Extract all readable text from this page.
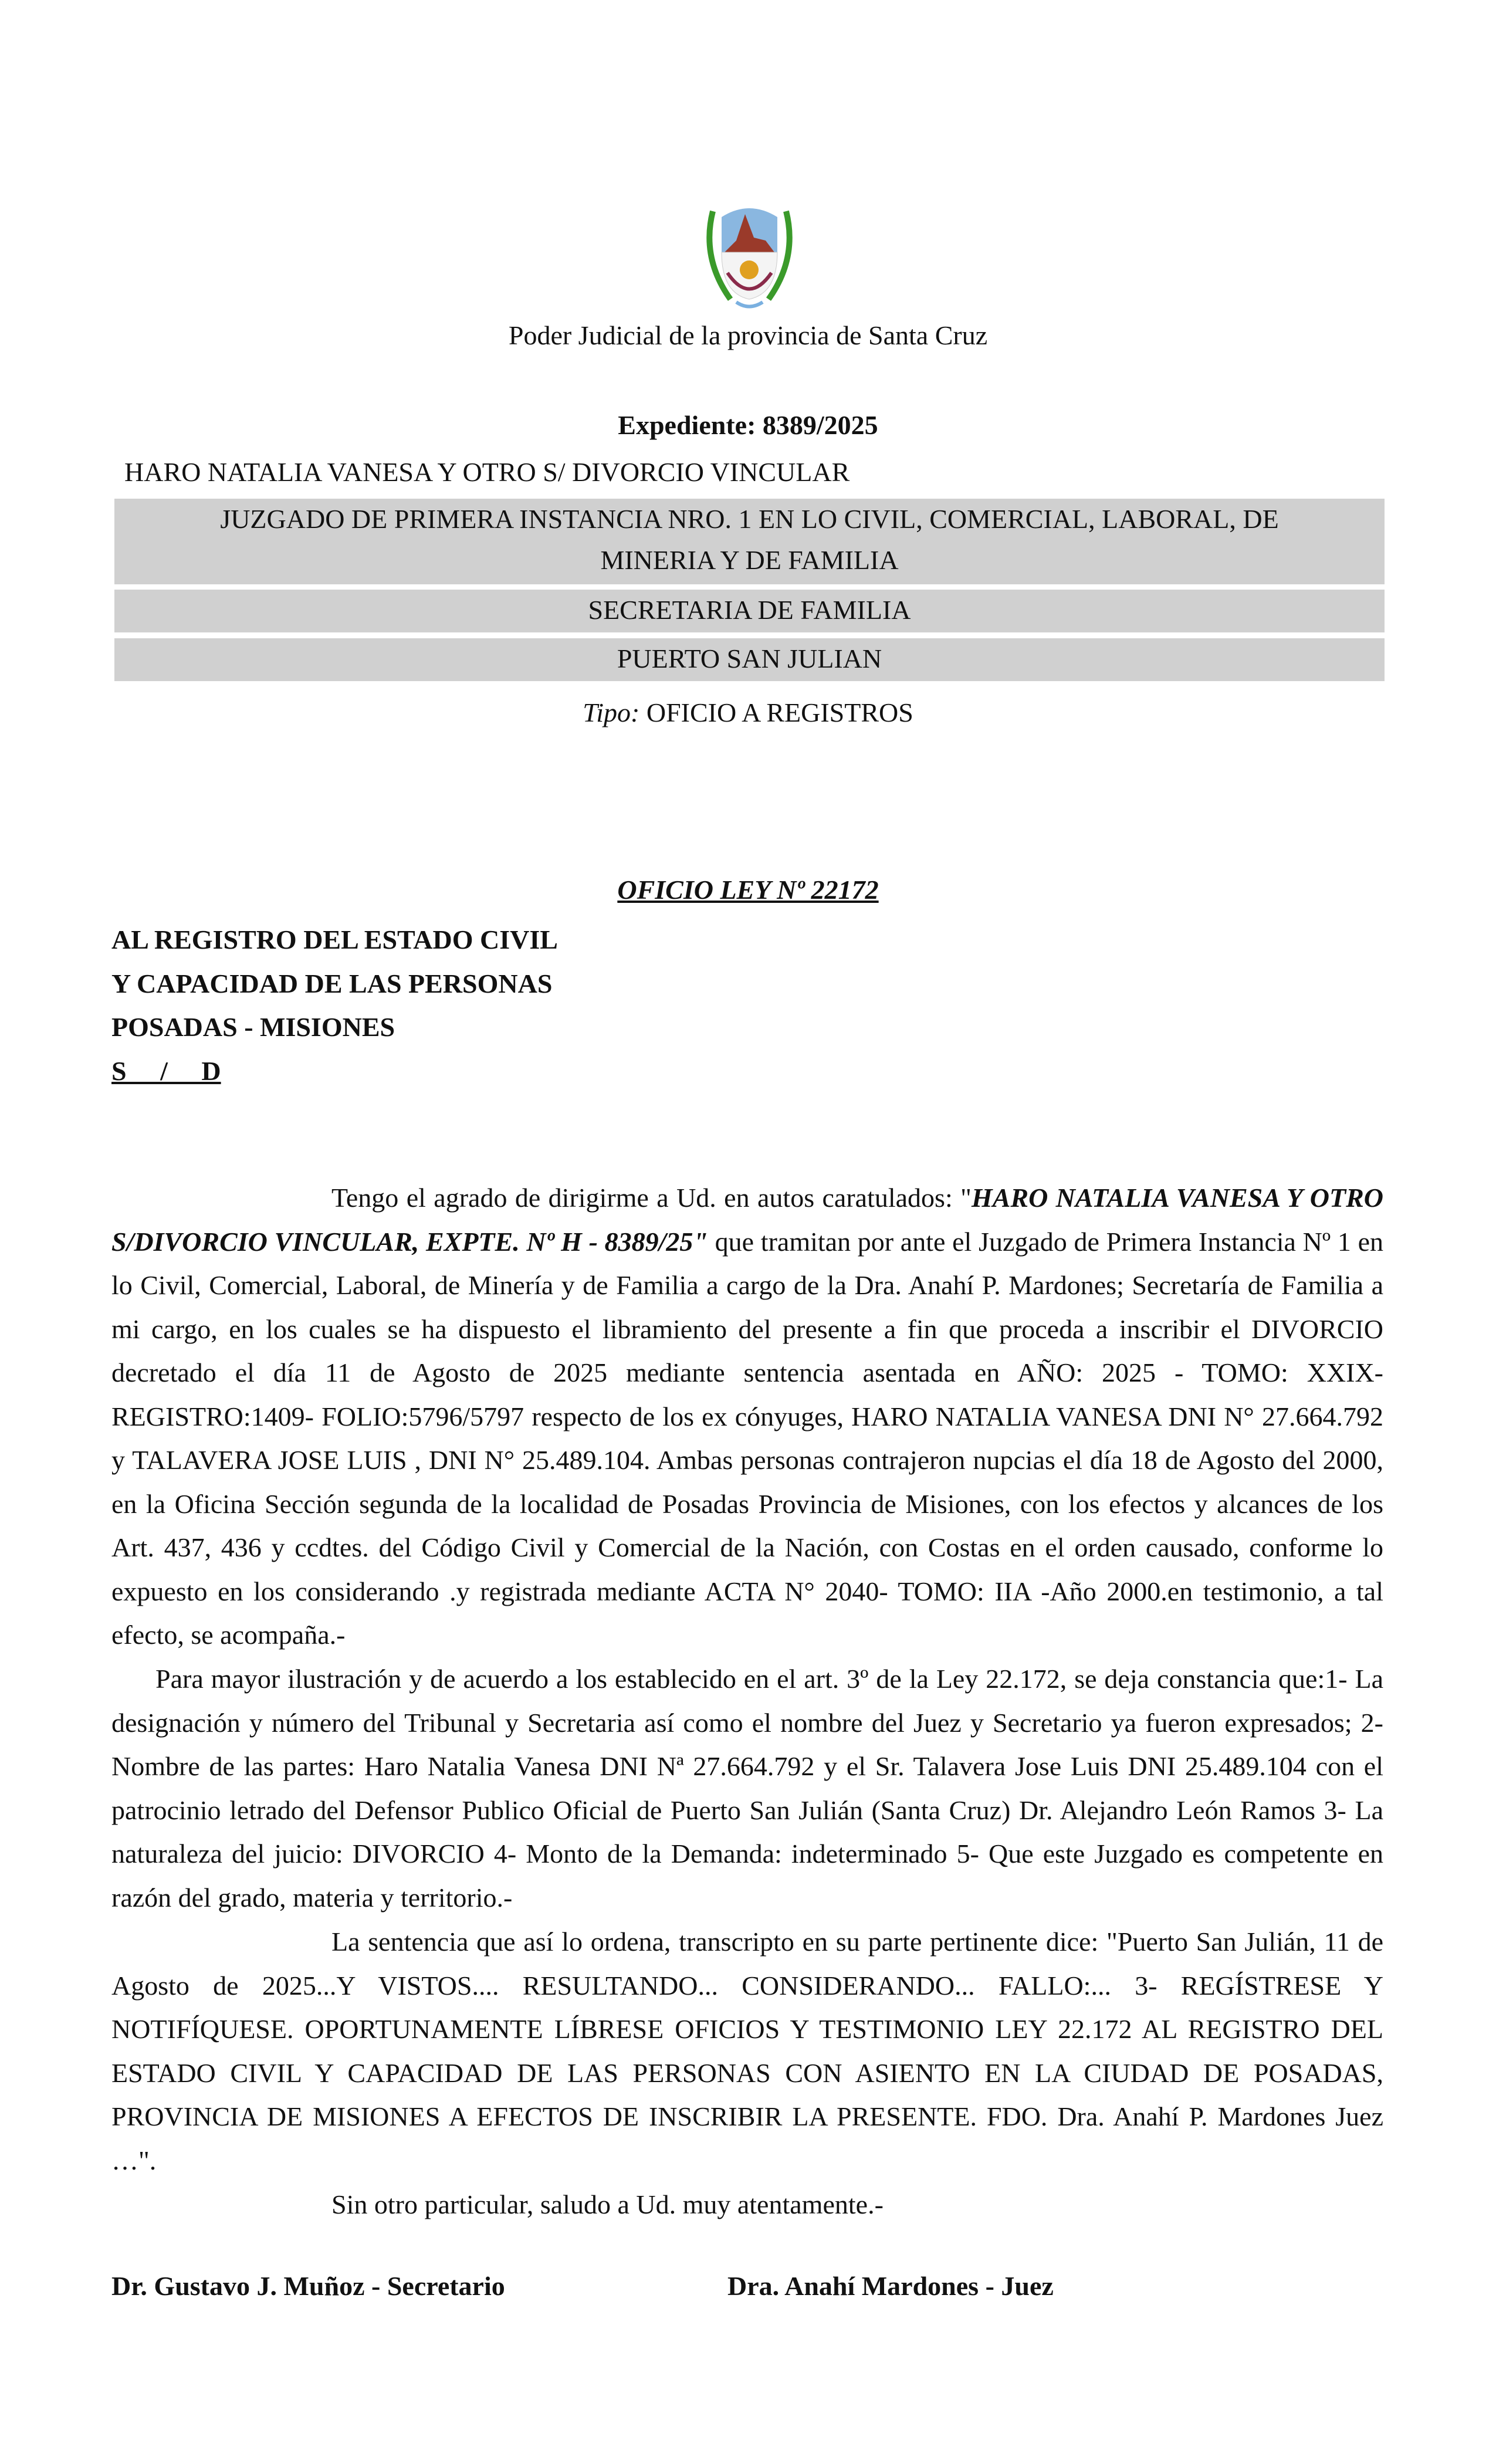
Poder Judicial de la provincia de Santa Cruz
Expediente: 8389/2025
HARO NATALIA VANESA Y OTRO S/ DIVORCIO VINCULAR
JUZGADO DE PRIMERA INSTANCIA NRO. 1 EN LO CIVIL, COMERCIAL, LABORAL, DE
MINERIA Y DE FAMILIA
SECRETARIA DE FAMILIA
PUERTO SAN JULIAN
Tipo: OFICIO A REGISTROS
OFICIO LEY Nº 22172
AL REGISTRO DEL ESTADO CIVIL
Y CAPACIDAD DE LAS PERSONAS
POSADAS - MISIONES
S     /     D
Tengo el agrado de dirigirme a Ud. en autos caratulados: "HARO NATALIA VANESA Y OTRO S/DIVORCIO VINCULAR, EXPTE. Nº H - 8389/25" que tramitan por ante el Juzgado de Primera Instancia Nº 1 en lo Civil, Comercial, Laboral, de Minería y de Familia a cargo de la Dra. Anahí P. Mardones; Secretaría de Familia a mi cargo, en los cuales se ha dispuesto el libramiento del presente a fin que proceda a inscribir el DIVORCIO decretado el día 11 de Agosto de 2025 mediante sentencia asentada en AÑO: 2025 - TOMO: XXIX- REGISTRO:1409- FOLIO:5796/5797 respecto de los ex cónyuges, HARO NATALIA VANESA DNI N° 27.664.792 y TALAVERA JOSE LUIS , DNI N° 25.489.104. Ambas personas contrajeron nupcias el día 18 de Agosto del 2000, en la Oficina Sección segunda de la localidad de Posadas Provincia de Misiones, con los efectos y alcances de los Art. 437, 436 y ccdtes. del Código Civil y Comercial de la Nación, con Costas en el orden causado, conforme lo expuesto en los considerando .y registrada mediante ACTA N° 2040- TOMO: IIA -Año 2000.en testimonio, a tal efecto, se acompaña.-
Para mayor ilustración y de acuerdo a los establecido en el art. 3º de la Ley 22.172, se deja constancia que:1- La designación y número del Tribunal y Secretaria así como el nombre del Juez y Secretario ya fueron expresados; 2- Nombre de las partes: Haro Natalia Vanesa DNI Nª 27.664.792 y el Sr. Talavera Jose Luis DNI 25.489.104 con el patrocinio letrado del Defensor Publico Oficial de Puerto San Julián (Santa Cruz) Dr. Alejandro León Ramos 3- La naturaleza del juicio: DIVORCIO 4- Monto de la Demanda: indeterminado 5- Que este Juzgado es competente en razón del grado, materia y territorio.-
La sentencia que así lo ordena, transcripto en su parte pertinente dice: "Puerto San Julián, 11 de Agosto de 2025...Y VISTOS.... RESULTANDO... CONSIDERANDO... FALLO:... 3- REGÍSTRESE Y NOTIFÍQUESE. OPORTUNAMENTE LÍBRESE OFICIOS Y TESTIMONIO LEY 22.172 AL REGISTRO DEL ESTADO CIVIL Y CAPACIDAD DE LAS PERSONAS CON ASIENTO EN LA CIUDAD DE POSADAS, PROVINCIA DE MISIONES A EFECTOS DE INSCRIBIR LA PRESENTE. FDO. Dra. Anahí P. Mardones Juez …".
Sin otro particular, saludo a Ud. muy atentamente.-
Dr. Gustavo J. Muñoz - Secretario	Dra. Anahí Mardones - Juez
